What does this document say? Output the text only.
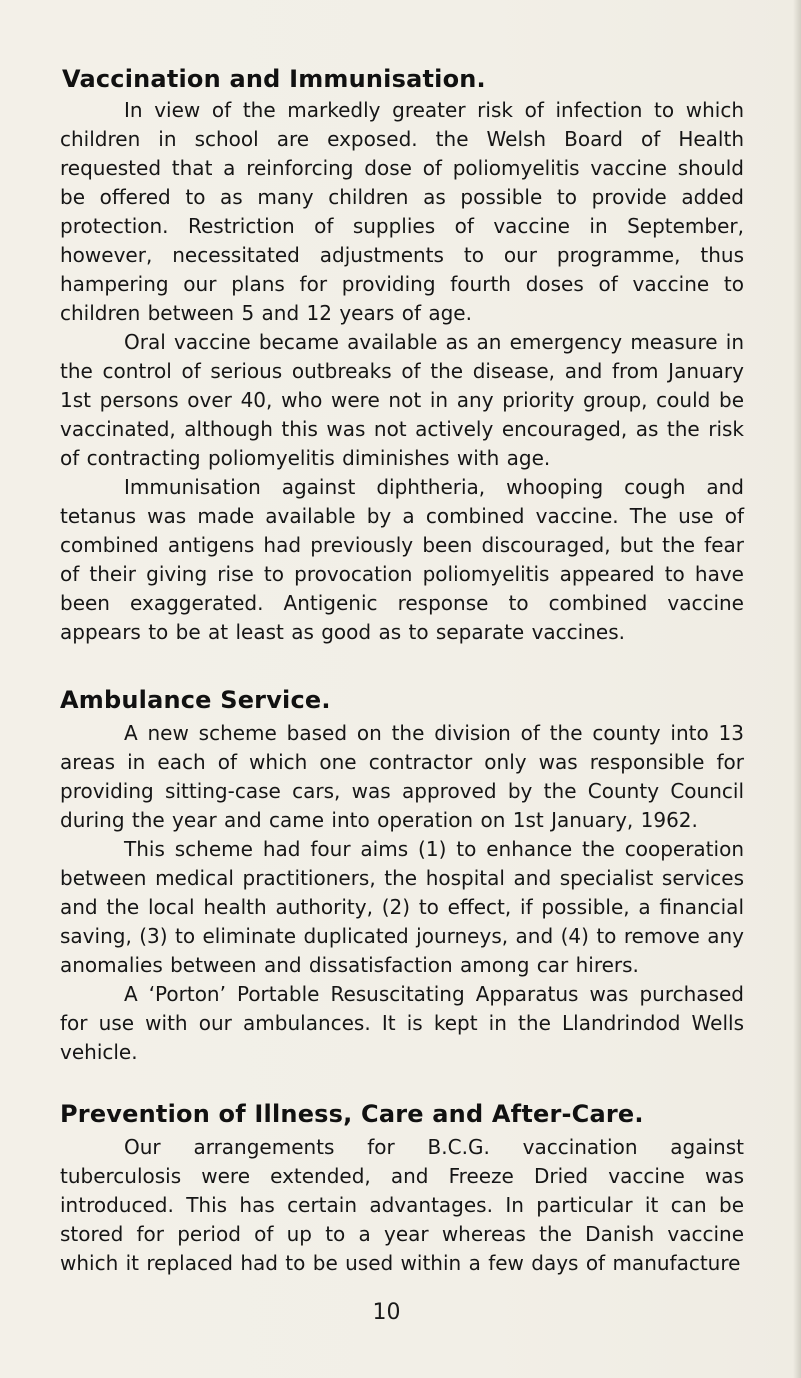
Vaccination and Immunisation.

In view of the markedly greater risk of infection to which children in school are exposed. the Welsh Board of Health requested that a reinforcing dose of poliomyelitis vaccine should be offered to as many children as possible to provide added protection. Restriction of supplies of vaccine in September, however, necessitated adjustments to our programme, thus hampering our plans for providing fourth doses of vaccine to children between 5 and 12 years of age.

Oral vaccine became available as an emergency measure in the control of serious outbreaks of the disease, and from January 1st persons over 40, who were not in any priority group, could be vaccinated, although this was not actively encouraged, as the risk of contracting poliomyelitis diminishes with age.

Immunisation against diphtheria, whooping cough and tetanus was made available by a combined vaccine. The use of combined antigens had previously been discouraged, but the fear of their giving rise to provocation poliomyelitis appeared to have been exaggerated. Antigenic response to combined vaccine appears to be at least as good as to separate vaccines.

Ambulance Service.

A new scheme based on the division of the county into 13 areas in each of which one contractor only was responsible for providing sitting-case cars, was approved by the County Council during the year and came into operation on 1st January, 1962.

This scheme had four aims (1) to enhance the cooperation between medical practitioners, the hospital and specialist services and the local health authority, (2) to effect, if possible, a financial saving, (3) to eliminate duplicated journeys, and (4) to remove any anomalies between and dissatisfaction among car hirers.

A ‘Porton’ Portable Resuscitating Apparatus was purchased for use with our ambulances. It is kept in the Llandrindod Wells vehicle.

Prevention of Illness, Care and After-Care.

Our arrangements for B.C.G. vaccination against tuberculosis were extended, and Freeze Dried vaccine was introduced. This has certain advantages. In particular it can be stored for period of up to a year whereas the Danish vaccine which it replaced had to be used within a few days of manufacture

10
